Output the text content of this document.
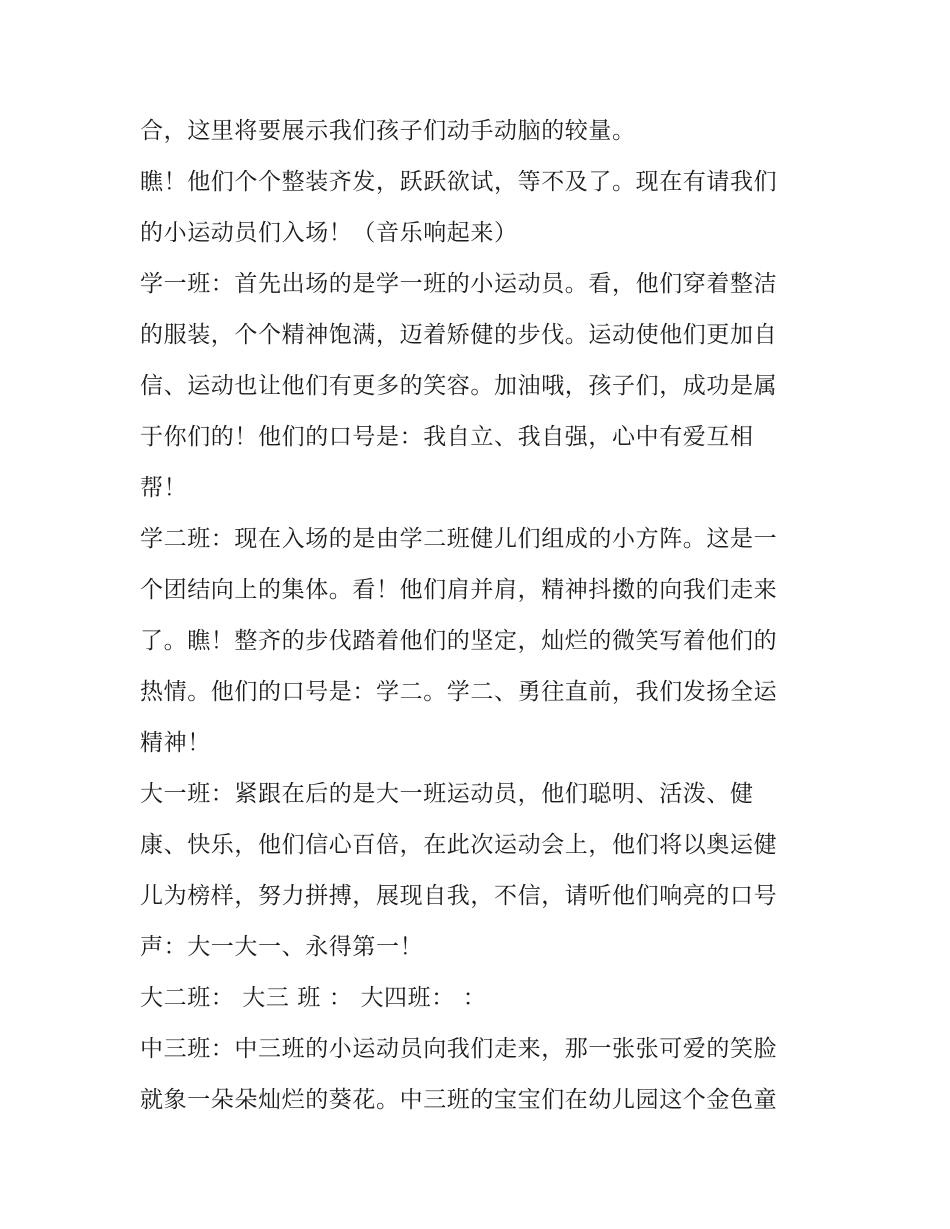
合，这里将要展示我们孩子们动手动脑的较量。
瞧！他们个个整装齐发，跃跃欲试，等不及了。现在有请我们
的小运动员们入场！（音乐响起来）
学一班：首先出场的是学一班的小运动员。看，他们穿着整洁
的服装，个个精神饱满，迈着矫健的步伐。运动使他们更加自
信、运动也让他们有更多的笑容。加油哦，孩子们，成功是属
于你们的！他们的口号是：我自立、我自强，心中有爱互相
帮！
学二班：现在入场的是由学二班健儿们组成的小方阵。这是一
个团结向上的集体。看！他们肩并肩，精神抖擞的向我们走来
了。瞧！整齐的步伐踏着他们的坚定，灿烂的微笑写着他们的
热情。他们的口号是：学二。学二、勇往直前，我们发扬全运
精神！
大一班：紧跟在后的是大一班运动员，他们聪明、活泼、健
康、快乐，他们信心百倍，在此次运动会上，他们将以奥运健
儿为榜样，努力拼搏，展现自我，不信，请听他们响亮的口号
声：大一大一、永得第一！
大二班： 大三 班 ： 大四班： ：
中三班：中三班的小运动员向我们走来，那一张张可爱的笑脸
就象一朵朵灿烂的葵花。中三班的宝宝们在幼儿园这个金色童
